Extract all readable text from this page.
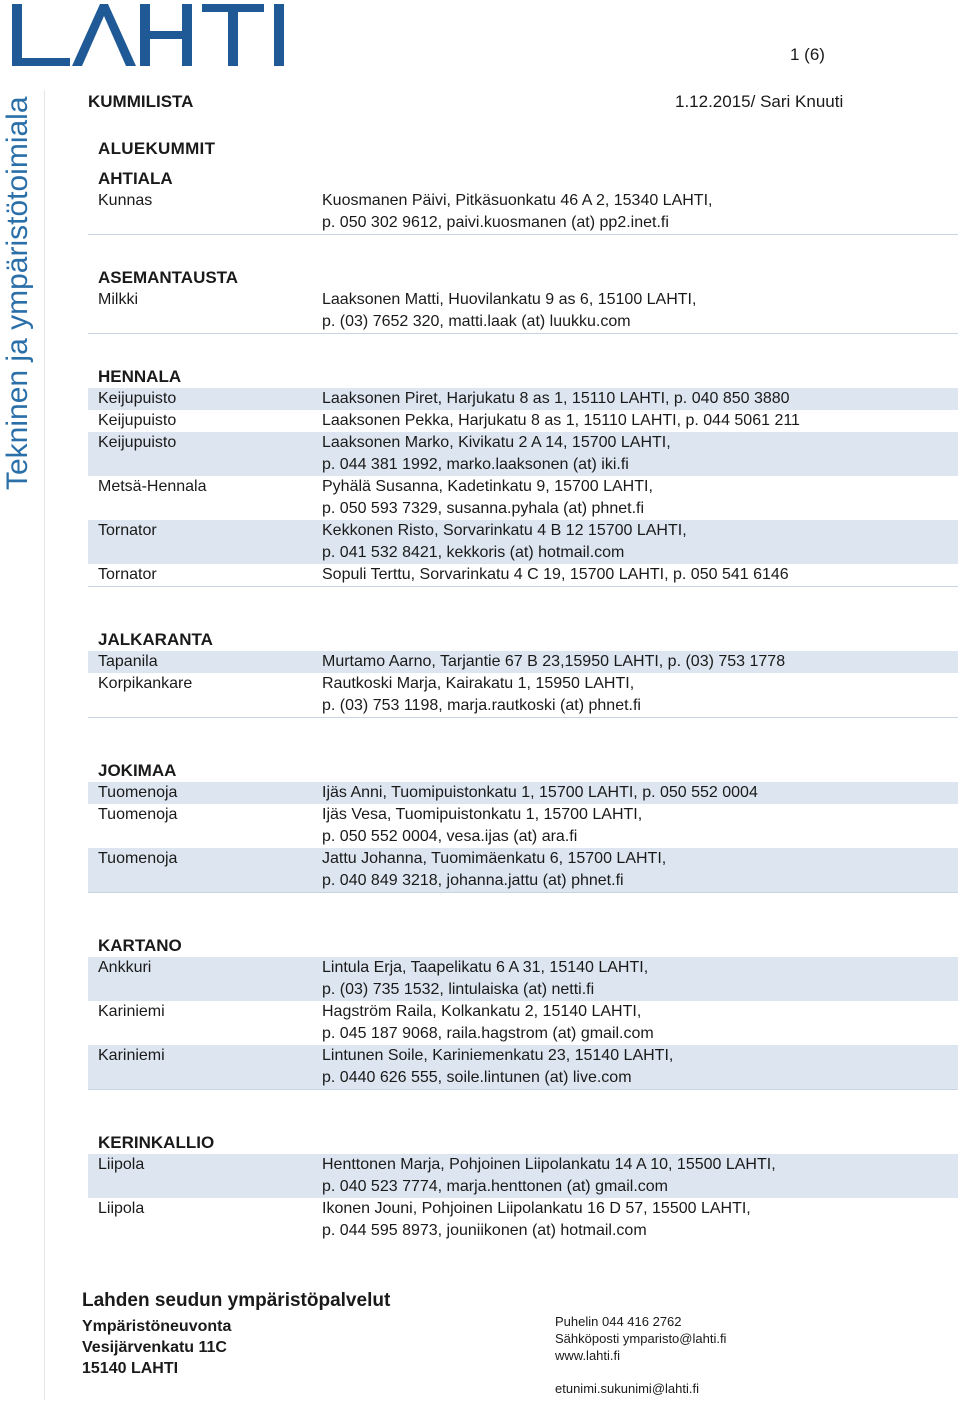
1 (6)
Tekninen ja ympäristötoimiala	KUMMILISTA	1.12.2015/ Sari Knuuti
ALUEKUMMIT
AHTIALA
Kunnas	Kuosmanen Päivi, Pitkäsuonkatu 46 A 2, 15340 LAHTI,
p. 050 302 9612, paivi.kuosmanen (at) pp2.inet.fi
ASEMANTAUSTA
Milkki	Laaksonen Matti, Huovilankatu 9 as 6, 15100 LAHTI,
p. (03) 7652 320, matti.laak (at) luukku.com
HENNALA
Keijupuisto	Laaksonen Piret, Harjukatu 8 as 1, 15110 LAHTI, p. 040 850 3880
Keijupuisto	Laaksonen Pekka, Harjukatu 8 as 1, 15110 LAHTI, p. 044 5061 211
Keijupuisto	Laaksonen Marko, Kivikatu 2 A 14, 15700 LAHTI,
p. 044 381 1992, marko.laaksonen (at) iki.fi
Metsä-Hennala	Pyhälä Susanna, Kadetinkatu 9, 15700 LAHTI,
p. 050 593 7329, susanna.pyhala (at) phnet.fi
Tornator	Kekkonen Risto, Sorvarinkatu 4 B 12 15700 LAHTI,
p. 041 532 8421, kekkoris (at) hotmail.com
Tornator	Sopuli Terttu, Sorvarinkatu 4 C 19, 15700 LAHTI, p. 050 541 6146
JALKARANTA
Tapanila	Murtamo Aarno, Tarjantie 67 B 23,15950 LAHTI, p. (03) 753 1778
Korpikankare	Rautkoski Marja, Kairakatu 1, 15950 LAHTI,
p. (03) 753 1198, marja.rautkoski (at) phnet.fi
JOKIMAA
Tuomenoja	Ijäs Anni, Tuomipuistonkatu 1, 15700 LAHTI, p. 050 552 0004
Tuomenoja	Ijäs Vesa, Tuomipuistonkatu 1, 15700 LAHTI,
p. 050 552 0004, vesa.ijas (at) ara.fi
Tuomenoja	Jattu Johanna, Tuomimäenkatu 6, 15700 LAHTI,
p. 040 849 3218, johanna.jattu (at) phnet.fi
KARTANO
Ankkuri	Lintula Erja, Taapelikatu 6 A 31, 15140 LAHTI,
p. (03) 735 1532, lintulaiska (at) netti.fi
Kariniemi	Hagström Raila, Kolkankatu 2, 15140 LAHTI,
p. 045 187 9068, raila.hagstrom (at) gmail.com
Kariniemi	Lintunen Soile, Kariniemenkatu 23, 15140 LAHTI,
p. 0440 626 555, soile.lintunen (at) live.com
KERINKALLIO
Liipola	Henttonen Marja, Pohjoinen Liipolankatu 14 A 10, 15500 LAHTI,
p. 040 523 7774, marja.henttonen (at) gmail.com
Liipola	Ikonen Jouni, Pohjoinen Liipolankatu 16 D 57, 15500 LAHTI,
p. 044 595 8973, jouniikonen (at) hotmail.com
Lahden seudun ympäristöpalvelut
Ympäristöneuvonta
Vesijärvenkatu 11C
15140 LAHTI
Puhelin 044 416 2762
Sähköposti ymparisto@lahti.fi
www.lahti.fi
etunimi.sukunimi@lahti.fi
